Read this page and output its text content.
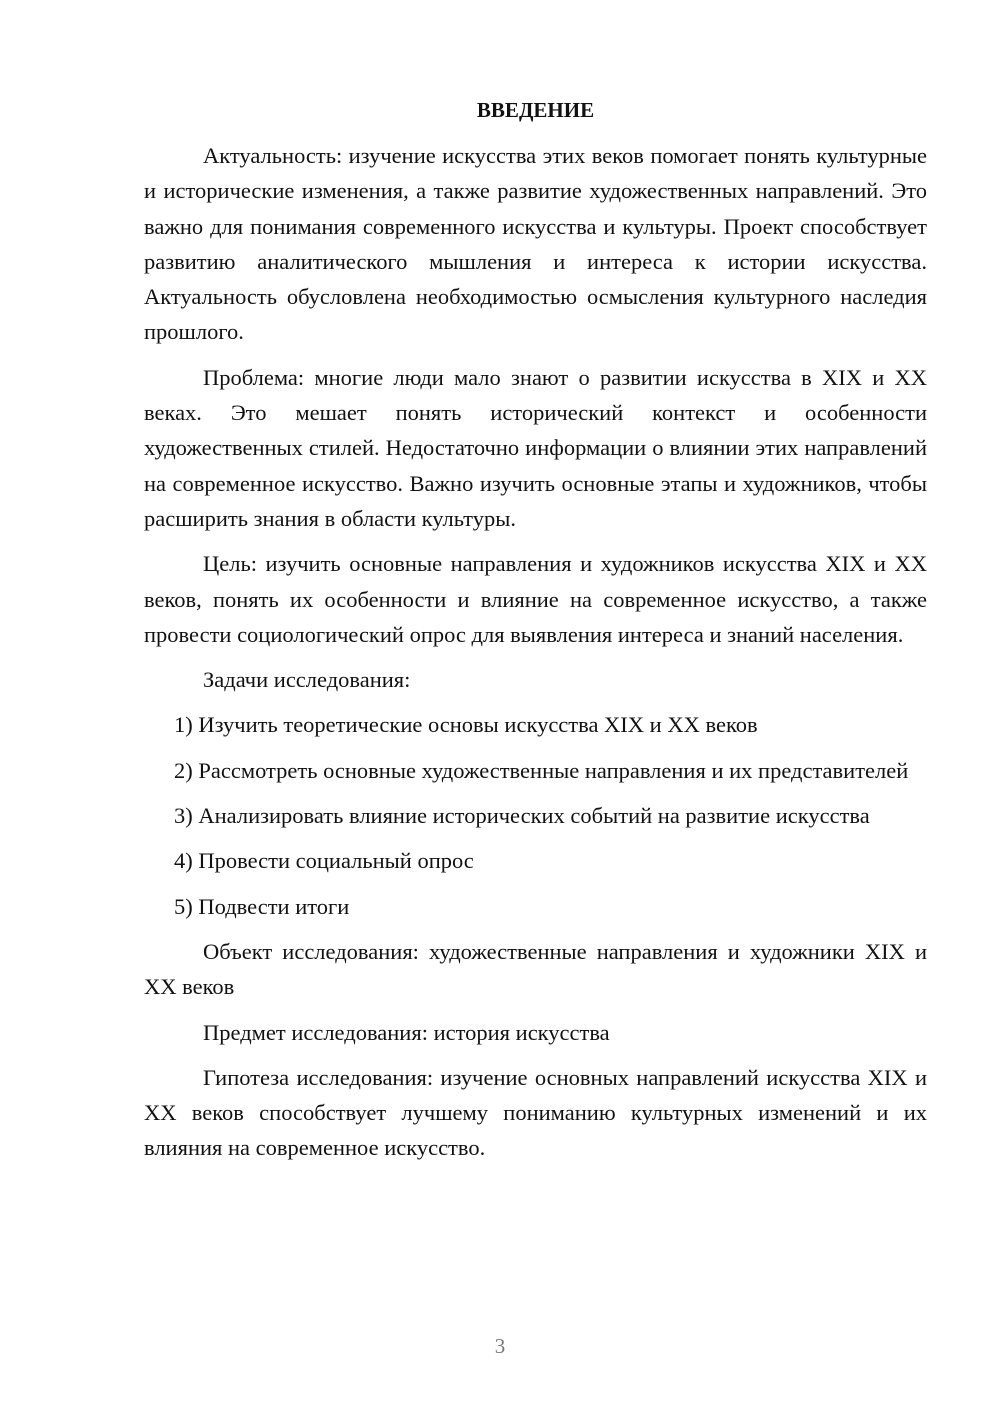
ВВЕДЕНИЕ

Актуальность: изучение искусства этих веков помогает понять культурные и исторические изменения, а также развитие художественных направлений. Это важно для понимания современного искусства и культуры. Проект способствует развитию аналитического мышления и интереса к истории искусства. Актуальность обусловлена необходимостью осмысления культурного наследия прошлого.

Проблема: многие люди мало знают о развитии искусства в XIX и XX веках. Это мешает понять исторический контекст и особенности художественных стилей. Недостаточно информации о влиянии этих направлений на современное искусство. Важно изучить основные этапы и художников, чтобы расширить знания в области культуры.

Цель: изучить основные направления и художников искусства XIX и XX веков, понять их особенности и влияние на современное искусство, а также провести социологический опрос для выявления интереса и знаний населения.

Задачи исследования:

1) Изучить теоретические основы искусства XIX и XX веков

2) Рассмотреть основные художественные направления и их представителей

3) Анализировать влияние исторических событий на развитие искусства

4) Провести социальный опрос

5) Подвести итоги

Объект исследования: художественные направления и художники XIX и XX веков

Предмет исследования: история искусства

Гипотеза исследования: изучение основных направлений искусства XIX и XX веков способствует лучшему пониманию культурных изменений и их влияния на современное искусство.

3
